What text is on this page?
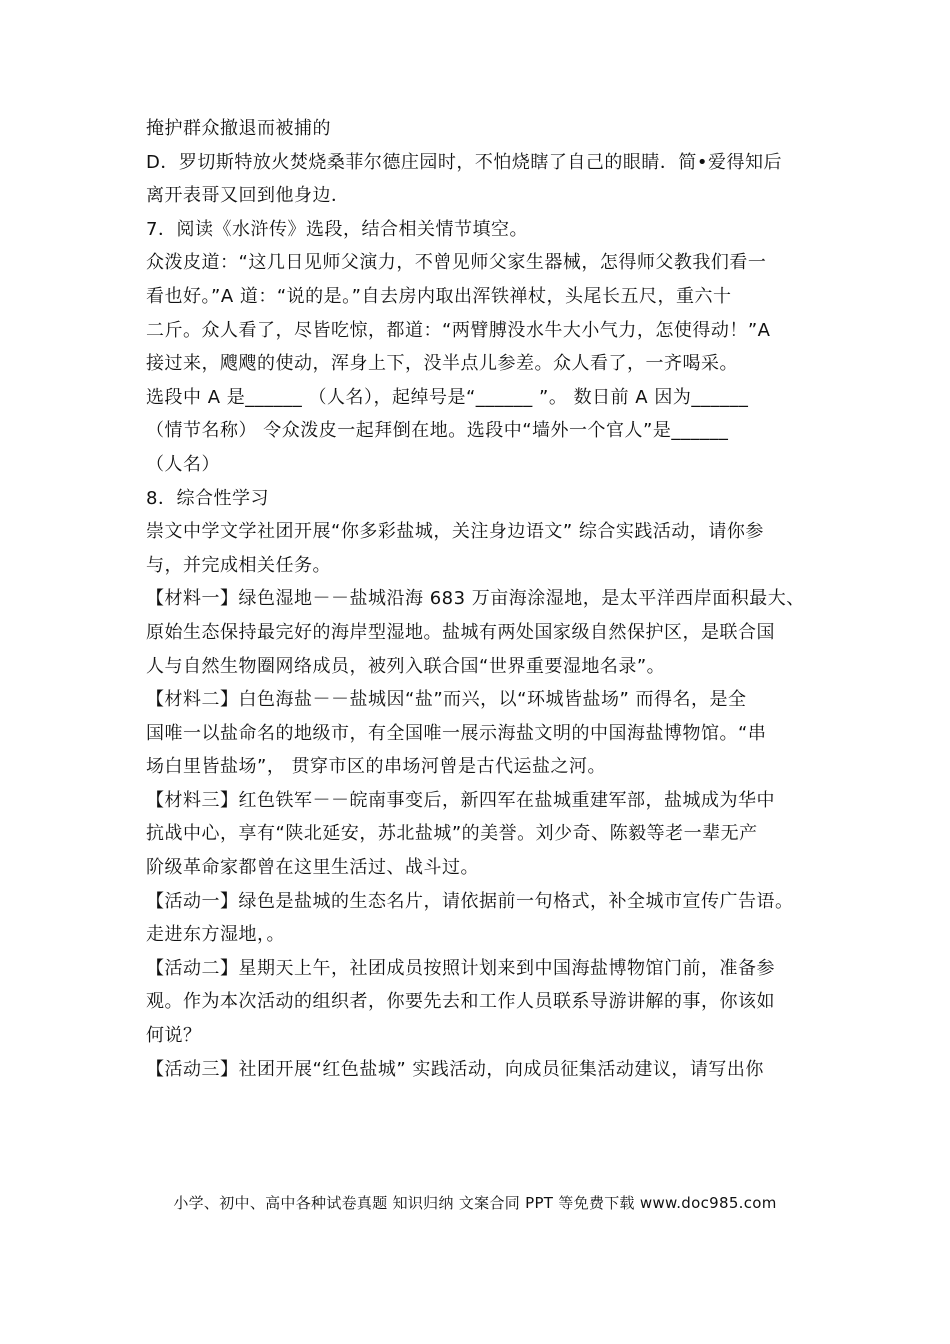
掩护群众撤退而被捕的
D．罗切斯特放火焚烧桑菲尔德庄园时，不怕烧瞎了自己的眼睛．简•爱得知后
离开表哥又回到他身边．
7．阅读《水浒传》选段，结合相关情节填空。
众泼皮道：“这几日见师父演力，不曾见师父家生器械，怎得师父教我们看一
看也好。”A 道：“说的是。”自去房内取出浑铁禅杖，头尾长五尺，重六十
二斤。众人看了，尽皆吃惊，都道：“两臂膊没水牛大小气力，怎使得动！”A
接过来，飕飕的使动，浑身上下，没半点儿参差。众人看了，一齐喝采。
选段中 A 是______ （人名），起绰号是“______ ”。 数日前 A 因为______
（情节名称） 令众泼皮一起拜倒在地。选段中“墙外一个官人”是______
（人名）
8．综合性学习
崇文中学文学社团开展“你多彩盐城，关注身边语文” 综合实践活动，请你参
与，并完成相关任务。
【材料一】绿色湿地－－盐城沿海 683 万亩海涂湿地，是太平洋西岸面积最大、
原始生态保持最完好的海岸型湿地。盐城有两处国家级自然保护区，是联合国
人与自然生物圈网络成员，被列入联合国“世界重要湿地名录”。
【材料二】白色海盐－－盐城因“盐”而兴，以“环城皆盐场” 而得名，是全
国唯一以盐命名的地级市，有全国唯一展示海盐文明的中国海盐博物馆。“串
场白里皆盐场”， 贯穿市区的串场河曾是古代运盐之河。
【材料三】红色铁军－－皖南事变后，新四军在盐城重建军部，盐城成为华中
抗战中心，享有“陕北延安，苏北盐城”的美誉。刘少奇、陈毅等老一辈无产
阶级革命家都曾在这里生活过、战斗过。
【活动一】绿色是盐城的生态名片，请依据前一句格式，补全城市宣传广告语。
走进东方湿地，。
【活动二】星期天上午，社团成员按照计划来到中国海盐博物馆门前，准备参
观。作为本次活动的组织者，你要先去和工作人员联系导游讲解的事，你该如
何说？
【活动三】社团开展“红色盐城” 实践活动，向成员征集活动建议，请写出你
小学、初中、高中各种试卷真题 知识归纳 文案合同 PPT 等免费下载 www.doc985.com
